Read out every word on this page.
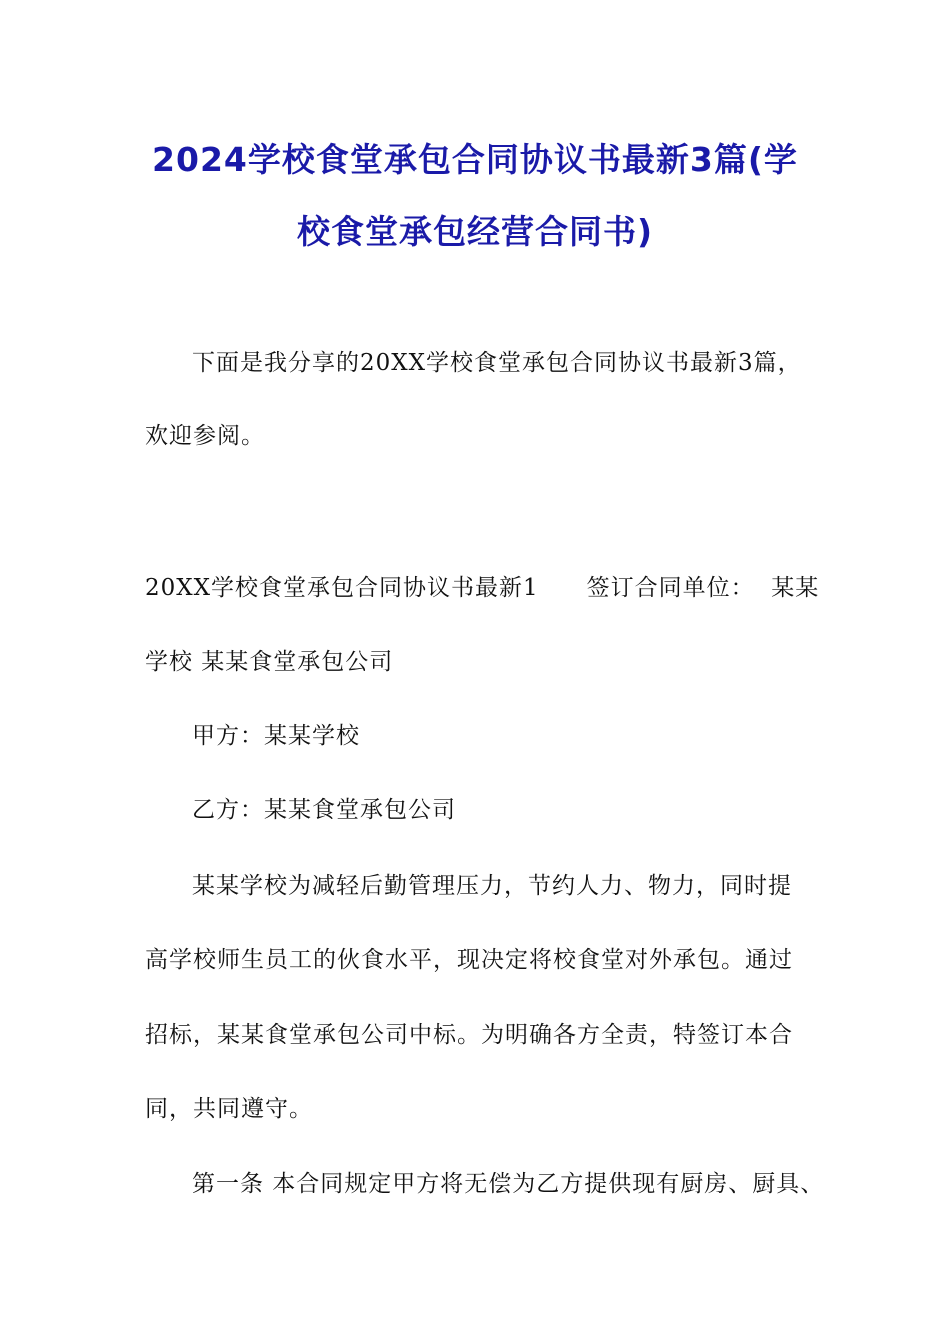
2024学校食堂承包合同协议书最新3篇(学
校食堂承包经营合同书)
下面是我分享的20XX学校食堂承包合同协议书最新3篇，
欢迎参阅。
20XX学校食堂承包合同协议书最新1　　签订合同单位：  某某
学校 某某食堂承包公司
甲方：某某学校
乙方：某某食堂承包公司
某某学校为减轻后勤管理压力，节约人力、物力，同时提
高学校师生员工的伙食水平，现决定将校食堂对外承包。通过
招标，某某食堂承包公司中标。为明确各方全责，特签订本合
同，共同遵守。
第一条 本合同规定甲方将无偿为乙方提供现有厨房、厨具、
